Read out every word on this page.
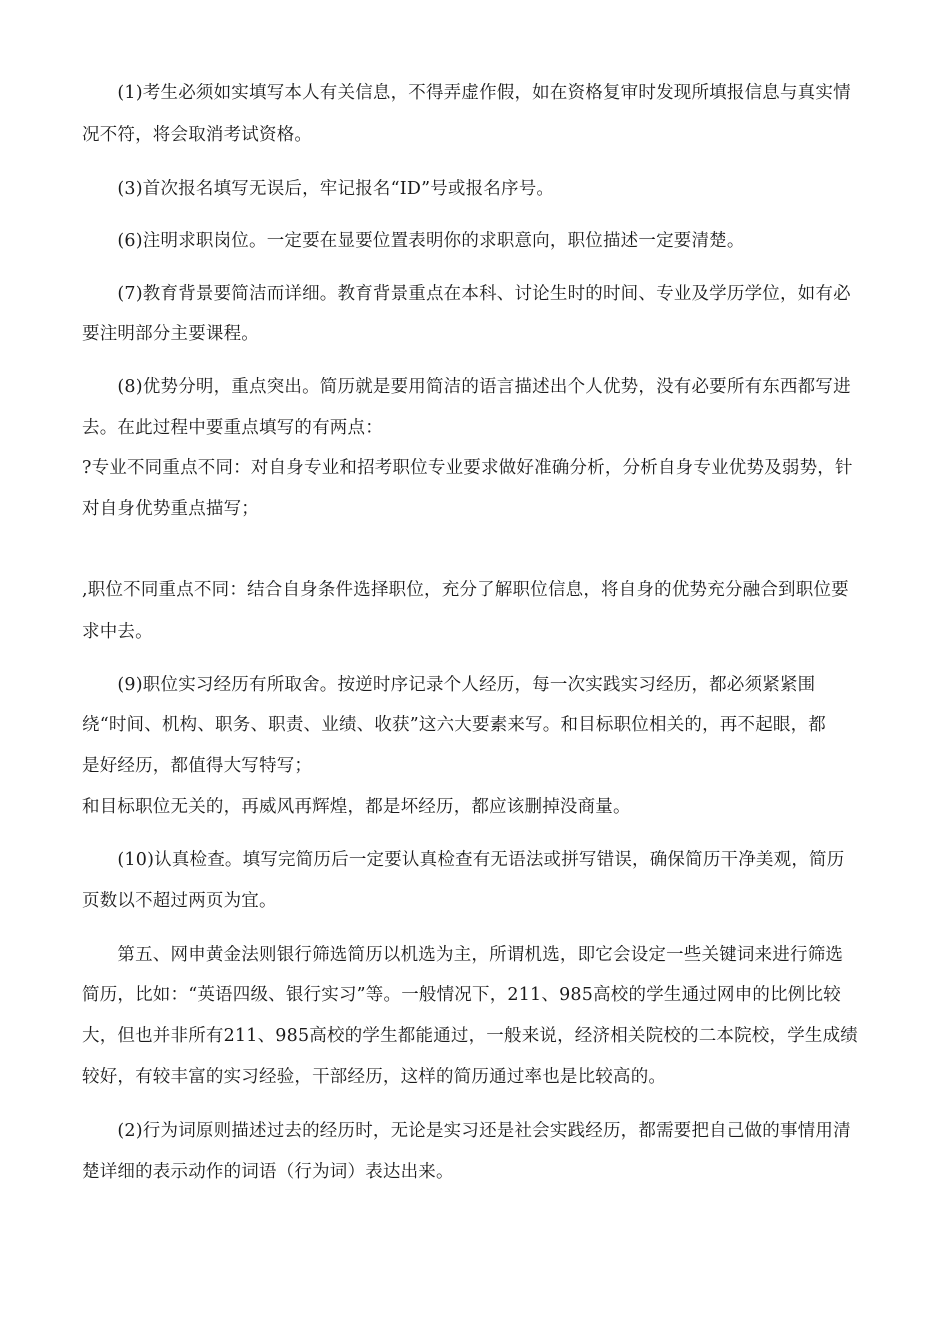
　　(1)考生必须如实填写本人有关信息，不得弄虚作假，如在资格复审时发现所填报信息与真实情
况不符，将会取消考试资格。
　　(3)首次报名填写无误后，牢记报名“ID”号或报名序号。
　　(6)注明求职岗位。一定要在显要位置表明你的求职意向，职位描述一定要清楚。
　　(7)教育背景要简洁而详细。教育背景重点在本科、讨论生时的时间、专业及学历学位，如有必
要注明部分主要课程。
　　(8)优势分明，重点突出。简历就是要用简洁的语言描述出个人优势，没有必要所有东西都写进
去。在此过程中要重点填写的有两点：
?专业不同重点不同：对自身专业和招考职位专业要求做好准确分析，分析自身专业优势及弱势，针
对自身优势重点描写；
,职位不同重点不同：结合自身条件选择职位，充分了解职位信息，将自身的优势充分融合到职位要
求中去。
　　(9)职位实习经历有所取舍。按逆时序记录个人经历，每一次实践实习经历，都必须紧紧围
绕“时间、机构、职务、职责、业绩、收获”这六大要素来写。和目标职位相关的，再不起眼，都
是好经历，都值得大写特写；
和目标职位无关的，再威风再辉煌，都是坏经历，都应该删掉没商量。
　　(10)认真检查。填写完简历后一定要认真检查有无语法或拼写错误，确保简历干净美观，简历
页数以不超过两页为宜。
　　第五、网申黄金法则银行筛选简历以机选为主，所谓机选，即它会设定一些关键词来进行筛选
简历，比如：“英语四级、银行实习”等。一般情况下，211、985高校的学生通过网申的比例比较
大，但也并非所有211、985高校的学生都能通过，一般来说，经济相关院校的二本院校，学生成绩
较好，有较丰富的实习经验，干部经历，这样的简历通过率也是比较高的。
　　(2)行为词原则描述过去的经历时，无论是实习还是社会实践经历，都需要把自己做的事情用清
楚详细的表示动作的词语（行为词）表达出来。
